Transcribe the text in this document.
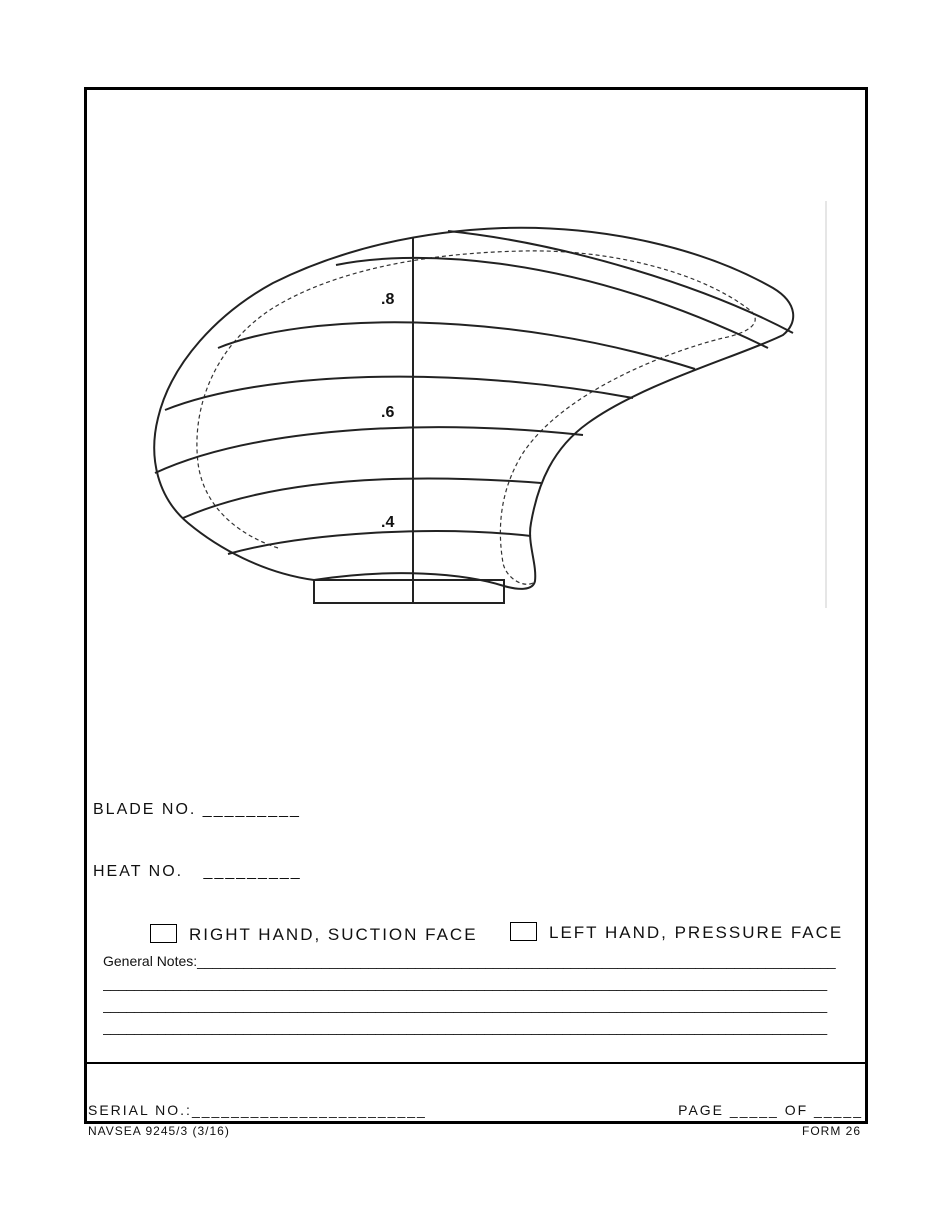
.8
.6
.4
BLADE NO. _________
HEAT NO. _________
RIGHT HAND, SUCTION FACE	LEFT HAND, PRESSURE FACE
General Notes:__________________________________________________________________________________
_____________________________________________________________________________________________
_____________________________________________________________________________________________
_____________________________________________________________________________________________
SERIAL NO.:________________________	PAGE _____ OF _____
NAVSEA 9245/3 (3/16)	FORM 26
